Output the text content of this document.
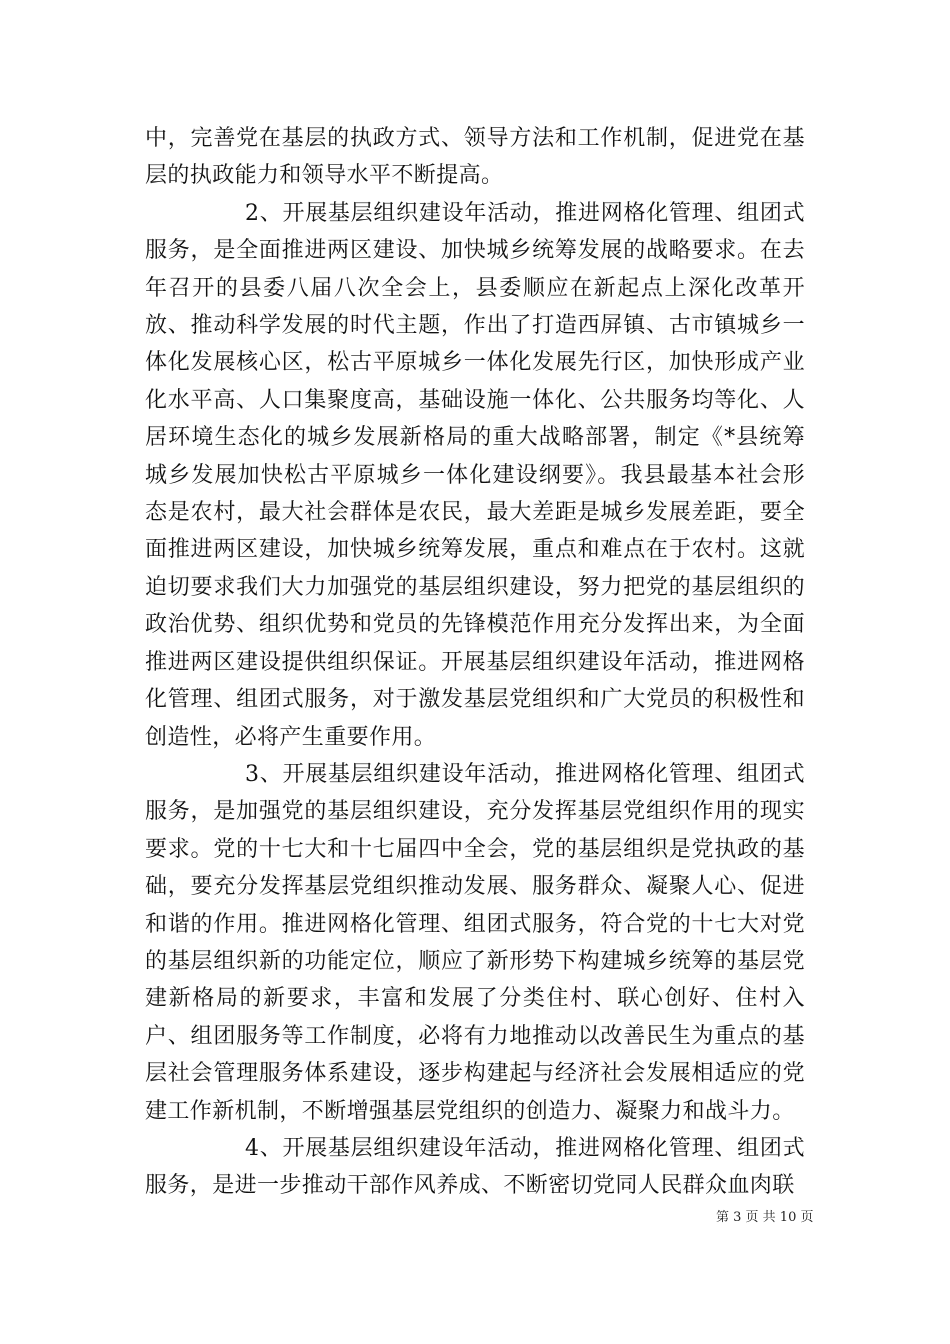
中，完善党在基层的执政方式、领导方法和工作机制，促进党在基层的执政能力和领导水平不断提高。

2、开展基层组织建设年活动，推进网格化管理、组团式服务，是全面推进两区建设、加快城乡统筹发展的战略要求。在去年召开的县委八届八次全会上，县委顺应在新起点上深化改革开放、推动科学发展的时代主题，作出了打造西屏镇、古市镇城乡一体化发展核心区，松古平原城乡一体化发展先行区，加快形成产业化水平高、人口集聚度高，基础设施一体化、公共服务均等化、人居环境生态化的城乡发展新格局的重大战略部署，制定《*县统筹城乡发展加快松古平原城乡一体化建设纲要》。我县最基本社会形态是农村，最大社会群体是农民，最大差距是城乡发展差距，要全面推进两区建设，加快城乡统筹发展，重点和难点在于农村。这就迫切要求我们大力加强党的基层组织建设，努力把党的基层组织的政治优势、组织优势和党员的先锋模范作用充分发挥出来，为全面推进两区建设提供组织保证。开展基层组织建设年活动，推进网格化管理、组团式服务，对于激发基层党组织和广大党员的积极性和创造性，必将产生重要作用。

3、开展基层组织建设年活动，推进网格化管理、组团式服务，是加强党的基层组织建设，充分发挥基层党组织作用的现实要求。党的十七大和十七届四中全会，党的基层组织是党执政的基础，要充分发挥基层党组织推动发展、服务群众、凝聚人心、促进和谐的作用。推进网格化管理、组团式服务，符合党的十七大对党的基层组织新的功能定位，顺应了新形势下构建城乡统筹的基层党建新格局的新要求，丰富和发展了分类住村、联心创好、住村入户、组团服务等工作制度，必将有力地推动以改善民生为重点的基层社会管理服务体系建设，逐步构建起与经济社会发展相适应的党建工作新机制，不断增强基层党组织的创造力、凝聚力和战斗力。

4、开展基层组织建设年活动，推进网格化管理、组团式服务，是进一步推动干部作风养成、不断密切党同人民群众血肉联

第 3 页 共 10 页
